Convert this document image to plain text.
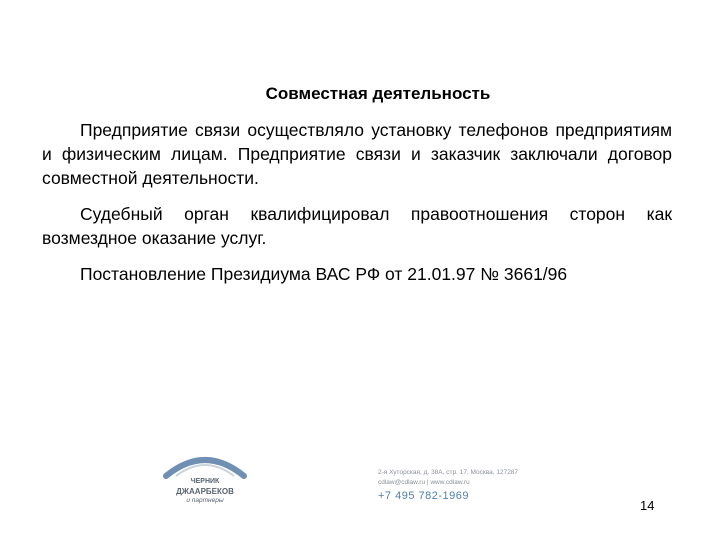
Совместная деятельность

Предприятие связи осуществляло установку телефонов предприятиям и физическим лицам. Предприятие связи и заказчик заключали договор совместной деятельности.

Судебный орган квалифицировал правоотношения сторон как возмездное оказание услуг.

Постановление Президиума ВАС РФ от 21.01.97 № 3661/96

ЧЕРНИК
ДЖААРБЕКОВ
и партнеры
2-я Хуторская, д. 38А, стр. 17, Москва, 127287
cdlaw@cdlaw.ru | www.cdlaw.ru
+7 495 782-1969
14
